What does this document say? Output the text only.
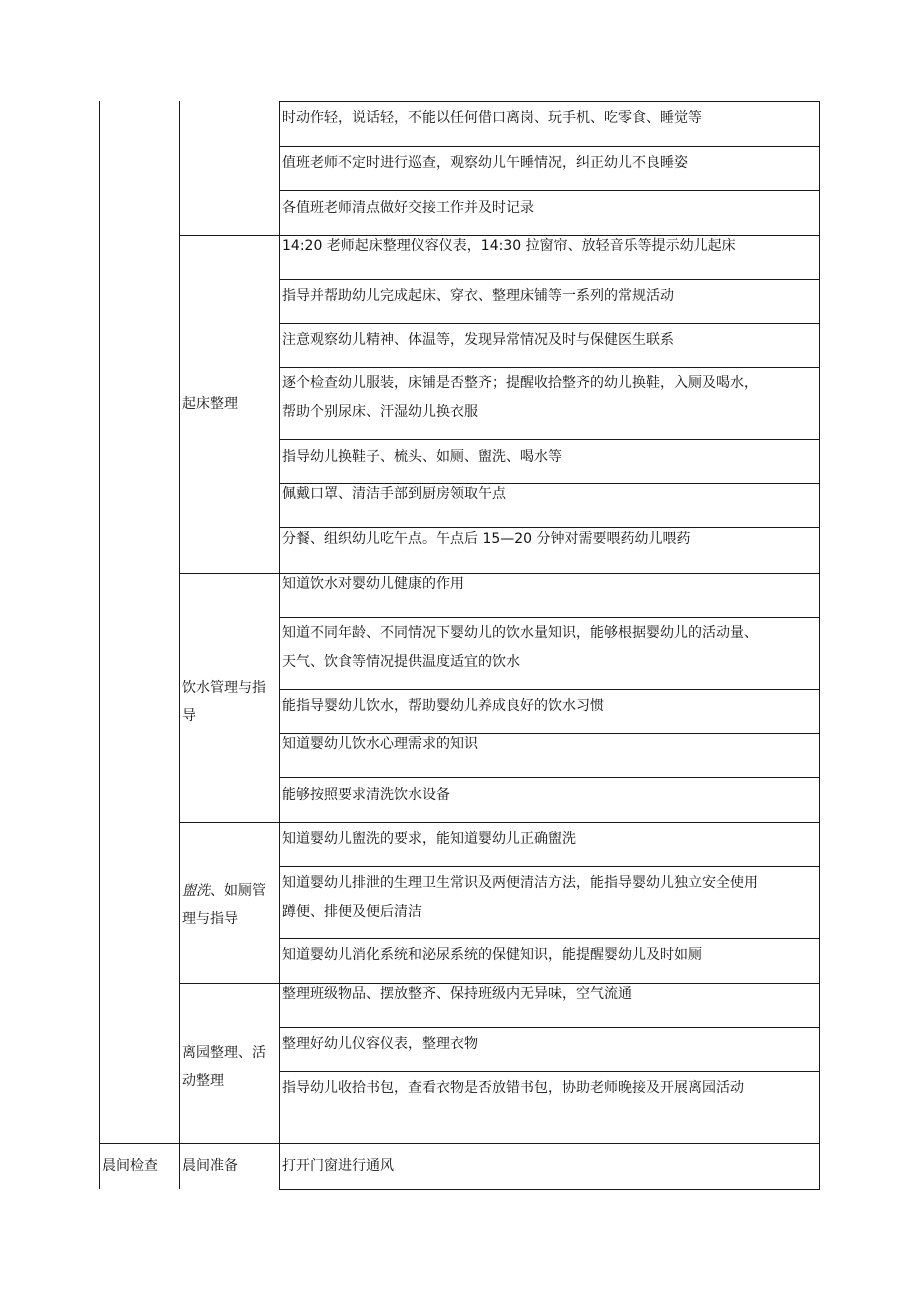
时动作轻，说话轻，不能以任何借口离岗、玩手机、吃零食、睡觉等
值班老师不定时进行巡查，观察幼儿午睡情况，纠正幼儿不良睡姿
各值班老师清点做好交接工作并及时记录
14:20 老师起床整理仪容仪表，14:30 拉窗帘、放轻音乐等提示幼儿起床
指导并帮助幼儿完成起床、穿衣、整理床铺等一系列的常规活动
注意观察幼儿精神、体温等，发现异常情况及时与保健医生联系
逐个检查幼儿服装，床铺是否整齐；提醒收拾整齐的幼儿换鞋，入厕及喝水，
帮助个别尿床、汗湿幼儿换衣服
指导幼儿换鞋子、梳头、如厕、盥洗、喝水等
佩戴口罩、清洁手部到厨房领取午点
分餐、组织幼儿吃午点。午点后 15—20 分钟对需要喂药幼儿喂药
知道饮水对婴幼儿健康的作用
知道不同年龄、不同情况下婴幼儿的饮水量知识，能够根据婴幼儿的活动量、
天气、饮食等情况提供温度适宜的饮水
能指导婴幼儿饮水，帮助婴幼儿养成良好的饮水习惯
知道婴幼儿饮水心理需求的知识
能够按照要求清洗饮水设备
知道婴幼儿盥洗的要求，能知道婴幼儿正确盥洗
知道婴幼儿排泄的生理卫生常识及两便清洁方法，能指导婴幼儿独立安全使用
蹲便、排便及便后清洁
知道婴幼儿消化系统和泌尿系统的保健知识，能提醒婴幼儿及时如厕
整理班级物品、摆放整齐、保持班级内无异味，空气流通
整理好幼儿仪容仪表，整理衣物
指导幼儿收拾书包，查看衣物是否放错书包，协助老师晚接及开展离园活动
打开门窗进行通风
起床整理
饮水管理与指
导
盥洗、如厕管
理与指导
离园整理、活
动整理
晨间准备
晨间检查
